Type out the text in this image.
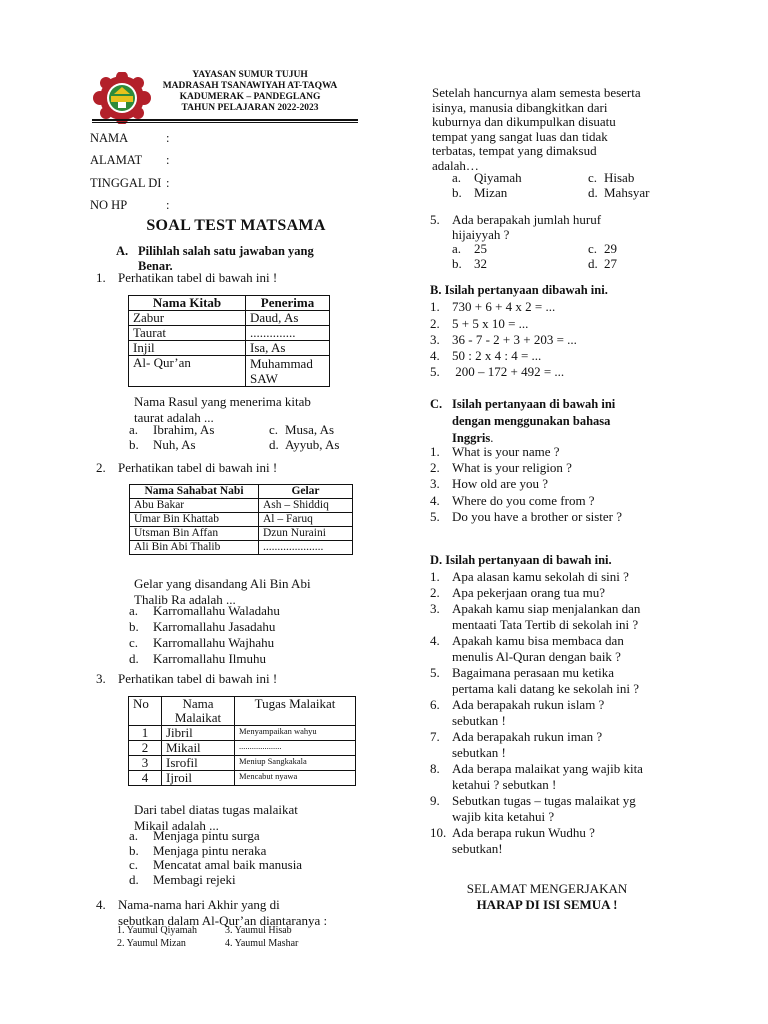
YAYASAN SUMUR TUJUH
MADRASAH TSANAWIYAH AT-TAQWA
KADUMERAK – PANDEGLANG
TAHUN PELAJARAN 2022-2023
NAMA	:
ALAMAT :
TINGGAL DI :
NO HP	:
SOAL TEST MATSAMA
A. Pilihlah salah satu jawaban yang
Benar.
1. Perhatikan tabel di bawah ini !
Nama Kitab	Penerima
Zabur	Daud, As
Taurat	..............
Injil	Isa, As
Al- Qur’an	Muhammad SAW
Nama Rasul yang menerima kitab
taurat adalah ...
a. Ibrahim, As	c. Musa, As
b. Nuh, As	d. Ayyub, As
2. Perhatikan tabel di bawah ini !
Nama Sahabat Nabi	Gelar
Abu Bakar	Ash – Shiddiq
Umar Bin Khattab	Al – Faruq
Utsman Bin Affan	Dzun Nuraini
Ali Bin Abi Thalib	.....................
Gelar yang disandang Ali Bin Abi
Thalib Ra adalah ...
a. Karromallahu Waladahu
b. Karromallahu Jasadahu
c. Karromallahu Wajhahu
d. Karromallahu Ilmuhu
3. Perhatikan tabel di bawah ini !
No	Nama Malaikat	Tugas Malaikat
1	Jibril	Menyampaikan wahyu
2	Mikail	....................
3	Isrofil	Meniup Sangkakala
4	Ijroil	Mencabut nyawa
Dari tabel diatas tugas malaikat
Mikail adalah ...
a. Menjaga pintu surga
b. Menjaga pintu neraka
c. Mencatat amal baik manusia
d. Membagi rejeki
4. Nama-nama hari Akhir yang di
sebutkan dalam Al-Qur’an diantaranya :
1. Yaumul Qiyamah	3. Yaumul Hisab
2. Yaumul Mizan	4. Yaumul Mashar
Setelah hancurnya alam semesta beserta
isinya, manusia dibangkitkan dari
kuburnya dan dikumpulkan disuatu
tempat yang sangat luas dan tidak
terbatas, tempat yang dimaksud
adalah…
a. Qiyamah	c. Hisab
b. Mizan	d. Mahsyar
5. Ada berapakah jumlah huruf
hijaiyyah ?
a. 25	c. 29
b. 32	d. 27
B. Isilah pertanyaan dibawah ini.
1. 730 + 6 + 4 x 2 = ...
2. 5 + 5 x 10 = ...
3. 36 - 7 - 2 + 3 + 203 = ...
4. 50 : 2 x 4 : 4 = ...
5. 200 – 172 + 492 = ...
C. Isilah pertanyaan di bawah ini
dengan menggunakan bahasa
Inggris.
1. What is your name ?
2. What is your religion ?
3. How old are you ?
4. Where do you come from ?
5. Do you have a brother or sister ?
D. Isilah pertanyaan di bawah ini.
1. Apa alasan kamu sekolah di sini ?
2. Apa pekerjaan orang tua mu?
3. Apakah kamu siap menjalankan dan
mentaati Tata Tertib di sekolah ini ?
4. Apakah kamu bisa membaca dan
menulis Al-Quran dengan baik ?
5. Bagaimana perasaan mu ketika
pertama kali datang ke sekolah ini ?
6. Ada berapakah rukun islam ?
sebutkan !
7. Ada berapakah rukun iman ?
sebutkan !
8. Ada berapa malaikat yang wajib kita
ketahui ? sebutkan !
9. Sebutkan tugas – tugas malaikat yg
wajib kita ketahui ?
10. Ada berapa rukun Wudhu ?
sebutkan!
SELAMAT MENGERJAKAN
HARAP DI ISI SEMUA !
